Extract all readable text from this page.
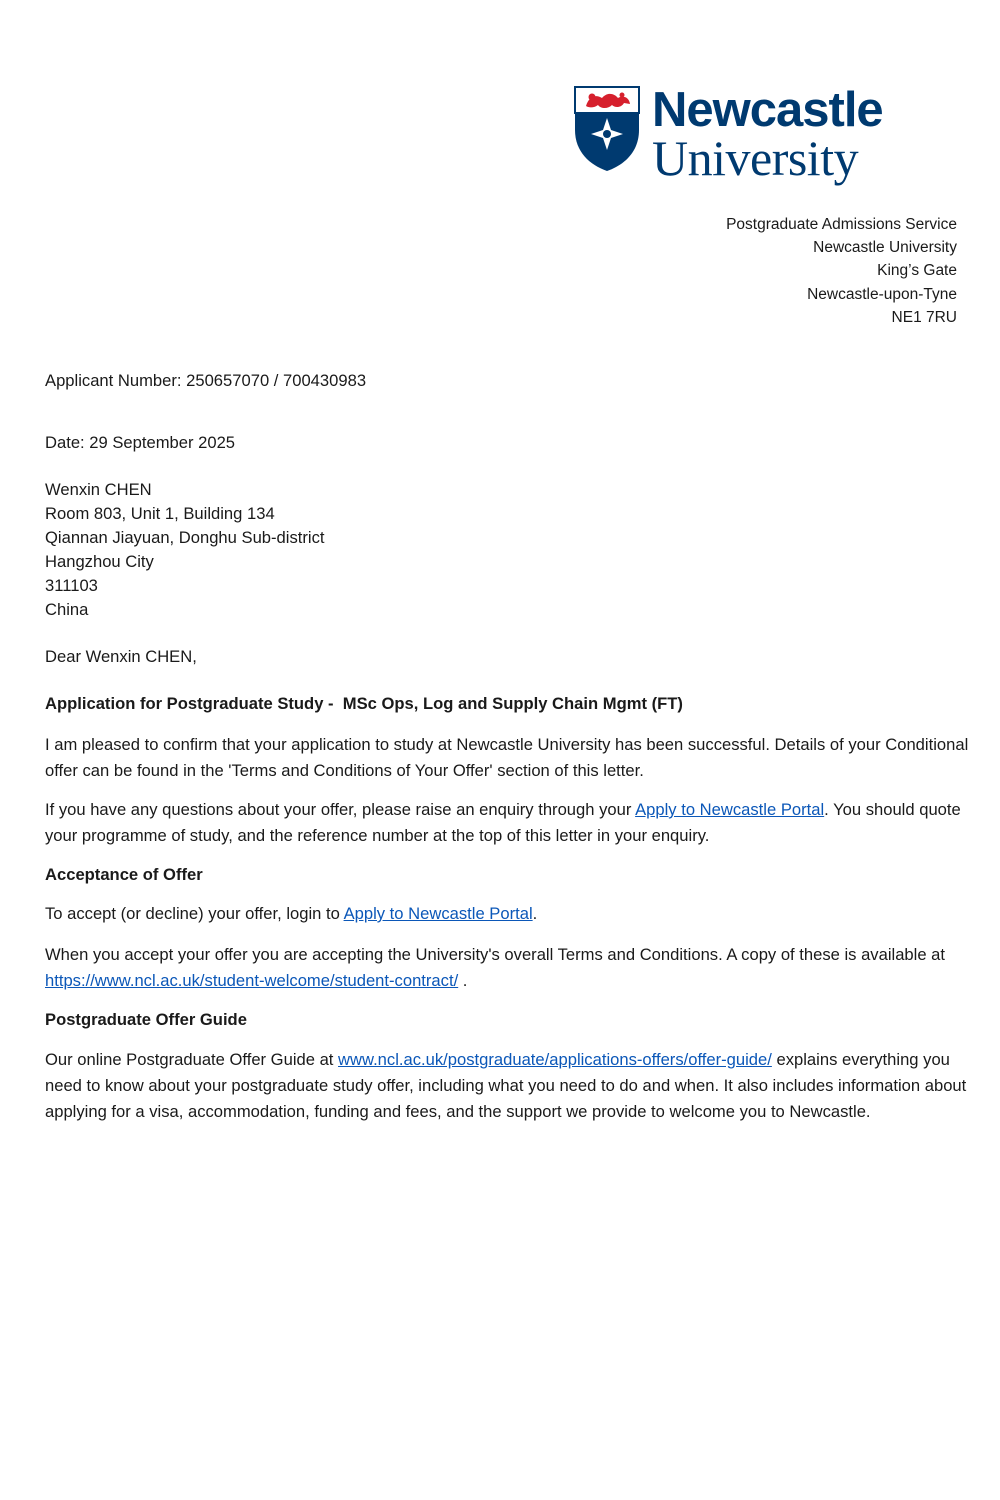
Newcastle
University
Postgraduate Admissions Service
Newcastle University
King’s Gate
Newcastle-upon-Tyne
NE1 7RU
Applicant Number: 250657070 / 700430983
Date: 29 September 2025
Wenxin CHEN
Room 803, Unit 1, Building 134
Qiannan Jiayuan, Donghu Sub-district
Hangzhou City
311103
China
Dear Wenxin CHEN,
Application for Postgraduate Study -  MSc Ops, Log and Supply Chain Mgmt (FT)
I am pleased to confirm that your application to study at Newcastle University has been successful. Details of your Conditional offer can be found in the 'Terms and Conditions of Your Offer' section of this letter.
If you have any questions about your offer, please raise an enquiry through your Apply to Newcastle Portal. You should quote your programme of study, and the reference number at the top of this letter in your enquiry.
Acceptance of Offer
To accept (or decline) your offer, login to Apply to Newcastle Portal.
When you accept your offer you are accepting the University's overall Terms and Conditions. A copy of these is available at https://www.ncl.ac.uk/student-welcome/student-contract/ .
Postgraduate Offer Guide
Our online Postgraduate Offer Guide at www.ncl.ac.uk/postgraduate/applications-offers/offer-guide/ explains everything you need to know about your postgraduate study offer, including what you need to do and when. It also includes information about applying for a visa, accommodation, funding and fees, and the support we provide to welcome you to Newcastle.
